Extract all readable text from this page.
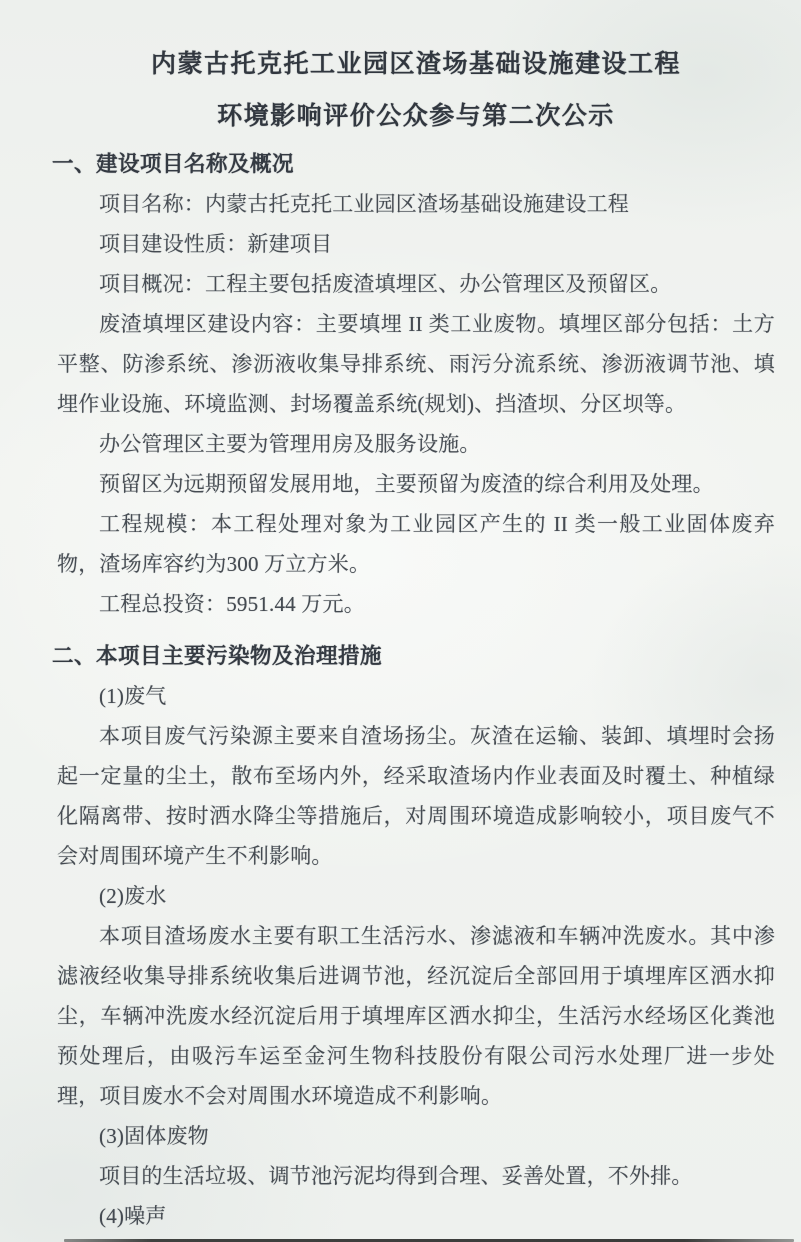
内蒙古托克托工业园区渣场基础设施建设工程
环境影响评价公众参与第二次公示
一、建设项目名称及概况

项目名称：内蒙古托克托工业园区渣场基础设施建设工程

项目建设性质：新建项目

项目概况：工程主要包括废渣填埋区、办公管理区及预留区。

废渣填埋区建设内容：主要填埋 II 类工业废物。填埋区部分包括：土方平整、防渗系统、渗沥液收集导排系统、雨污分流系统、渗沥液调节池、填埋作业设施、环境监测、封场覆盖系统(规划)、挡渣坝、分区坝等。

办公管理区主要为管理用房及服务设施。

预留区为远期预留发展用地，主要预留为废渣的综合利用及处理。

工程规模：本工程处理对象为工业园区产生的 II 类一般工业固体废弃物，渣场库容约为300 万立方米。

工程总投资：5951.44 万元。

二、本项目主要污染物及治理措施

(1)废气

本项目废气污染源主要来自渣场扬尘。灰渣在运输、装卸、填埋时会扬起一定量的尘土，散布至场内外，经采取渣场内作业表面及时覆土、种植绿化隔离带、按时洒水降尘等措施后，对周围环境造成影响较小，项目废气不会对周围环境产生不利影响。

(2)废水

本项目渣场废水主要有职工生活污水、渗滤液和车辆冲洗废水。其中渗滤液经收集导排系统收集后进调节池，经沉淀后全部回用于填埋库区洒水抑尘，车辆冲洗废水经沉淀后用于填埋库区洒水抑尘，生活污水经场区化粪池预处理后，由吸污车运至金河生物科技股份有限公司污水处理厂进一步处理，项目废水不会对周围水环境造成不利影响。

(3)固体废物

项目的生活垃圾、调节池污泥均得到合理、妥善处置，不外排。

(4)噪声
